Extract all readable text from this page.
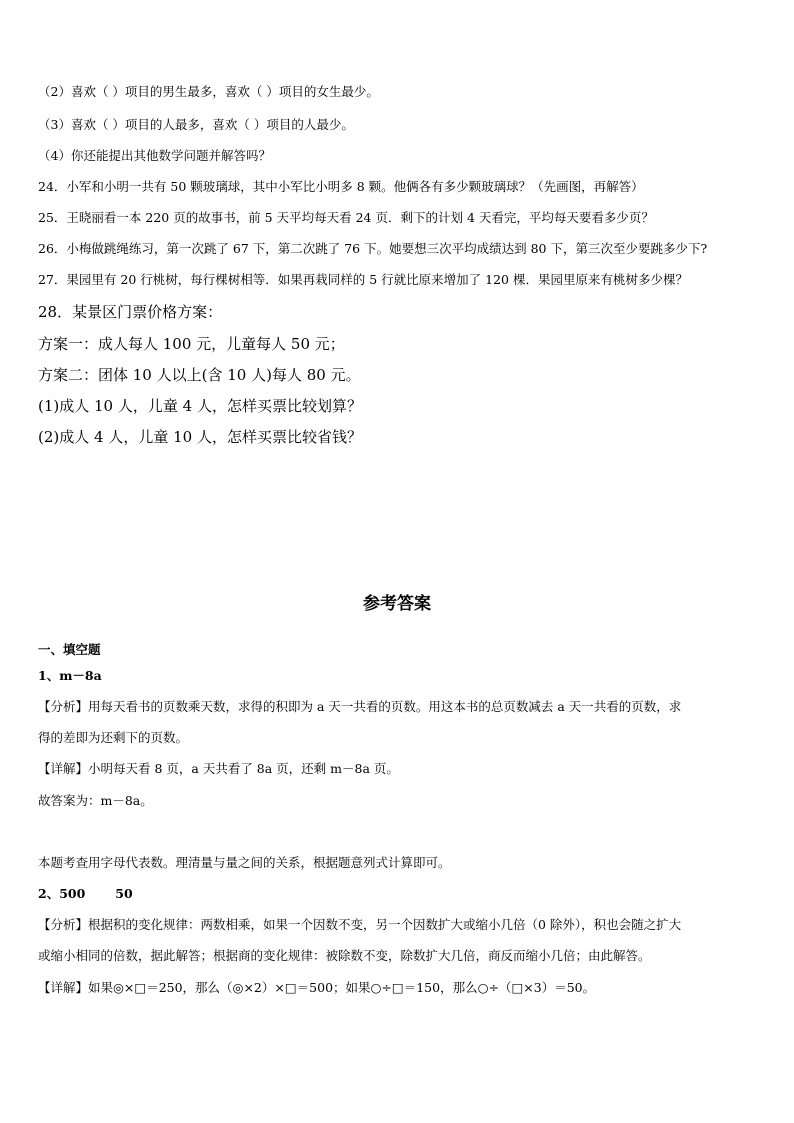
（2）喜欢（ ）项目的男生最多，喜欢（ ）项目的女生最少。
（3）喜欢（ ）项目的人最多，喜欢（ ）项目的人最少。
（4）你还能提出其他数学问题并解答吗？
24．小军和小明一共有 50 颗玻璃球，其中小军比小明多 8 颗。他俩各有多少颗玻璃球？（先画图，再解答）
25．王晓丽看一本 220 页的故事书，前 5 天平均每天看 24 页．剩下的计划 4 天看完，平均每天要看多少页？
26．小梅做跳绳练习，第一次跳了 67 下，第二次跳了 76 下。她要想三次平均成绩达到 80 下，第三次至少要跳多少下?
27．果园里有 20 行桃树，每行棵树相等．如果再栽同样的 5 行就比原来增加了 120 棵．果园里原来有桃树多少棵？
28．某景区门票价格方案：
方案一：成人每人 100 元，儿童每人 50 元；
方案二：团体 10 人以上(含 10 人)每人 80 元。
(1)成人 10 人，儿童 4 人，怎样买票比较划算？
(2)成人 4 人，儿童 10 人，怎样买票比较省钱？
参考答案
一、填空题
1、m－8a
【分析】用每天看书的页数乘天数，求得的积即为 a 天一共看的页数。用这本书的总页数减去 a 天一共看的页数，求
得的差即为还剩下的页数。
【详解】小明每天看 8 页，a 天共看了 8a 页，还剩 m－8a 页。
故答案为：m－8a。
本题考查用字母代表数。理清量与量之间的关系，根据题意列式计算即可。
2、500 50
【分析】根据积的变化规律：两数相乘，如果一个因数不变，另一个因数扩大或缩小几倍（0 除外），积也会随之扩大
或缩小相同的倍数，据此解答；根据商的变化规律：被除数不变，除数扩大几倍，商反而缩小几倍；由此解答。
【详解】如果◎×□＝250，那么（◎×2）×□＝500；如果○÷□＝150，那么○÷（□×3）＝50。
